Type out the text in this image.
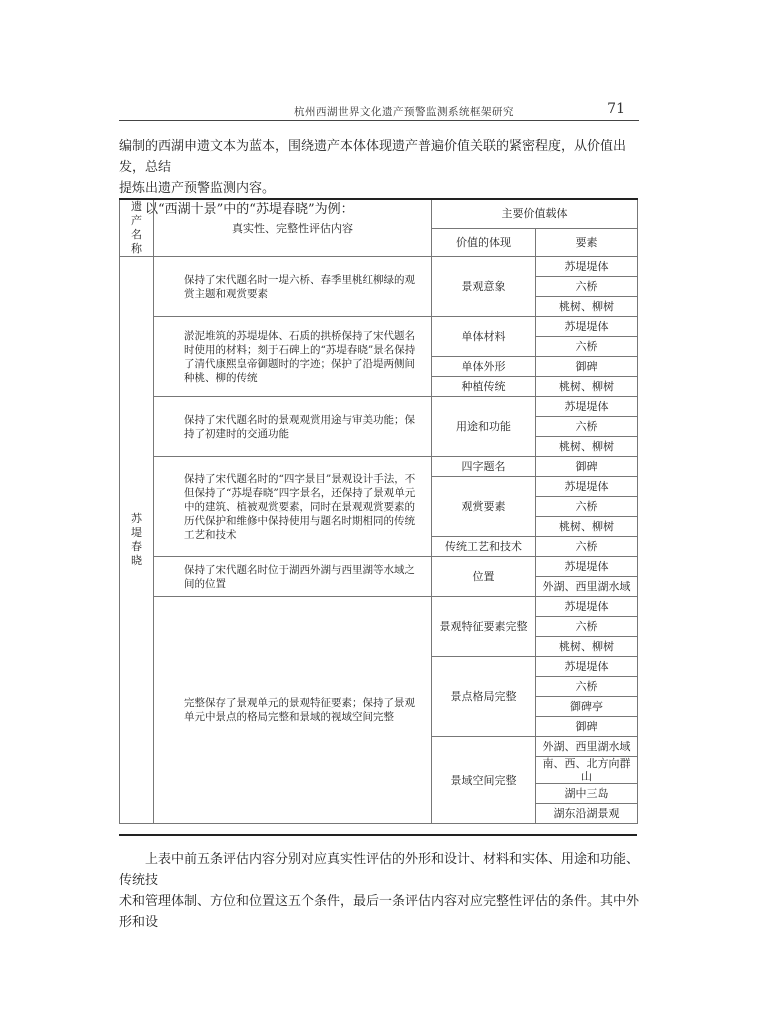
杭州西湖世界文化遗产预警监测系统框架研究	71

编制的西湖申遗文本为蓝本，围绕遗产本体体现遗产普遍价值关联的紧密程度，从价值出发，总结

提炼出遗产预警监测内容。

以“西湖十景”中的“苏堤春晓”为例：

遗产名称	真实性、完整性评估内容	主要价值载体	
		价值的体现	要素
苏堤春晓	保持了宋代题名时一堤六桥、春季里桃红柳绿的观赏主题和观赏要素	景观意象	苏堤堤体
			六桥
			桃树、柳树
	淤泥堆筑的苏堤堤体、石质的拱桥保持了宋代题名时使用的材料；刻于石碑上的“苏堤春晓”景名保持了清代康熙皇帝御题时的字迹；保护了沿堤两侧间种桃、柳的传统	单体材料	苏堤堤体
			六桥
		单体外形	御碑
		种植传统	桃树、柳树
	保持了宋代题名时的景观观赏用途与审美功能；保持了初建时的交通功能	用途和功能	苏堤堤体
			六桥
			桃树、柳树
	保持了宋代题名时的“四字景目”景观设计手法，不但保持了“苏堤春晓”四字景名，还保持了景观单元中的建筑、植被观赏要素，同时在景观观赏要素的历代保护和维修中保持使用与题名时期相同的传统工艺和技术	四字题名	御碑
		观赏要素	苏堤堤体
			六桥
			桃树、柳树
		传统工艺和技术	六桥
	保持了宋代题名时位于湖西外湖与西里湖等水域之间的位置	位置	苏堤堤体
			外湖、西里湖水域
	完整保存了景观单元的景观特征要素；保持了景观单元中景点的格局完整和景域的视域空间完整	景观特征要素完整	苏堤堤体
			六桥
			桃树、柳树
		景点格局完整	苏堤堤体
			六桥
			御碑亭
			御碑
		景域空间完整	外湖、西里湖水域
			南、西、北方向群山
			湖中三岛
			湖东沿湖景观

上表中前五条评估内容分别对应真实性评估的外形和设计、材料和实体、用途和功能、传统技

术和管理体制、方位和位置这五个条件，最后一条评估内容对应完整性评估的条件。其中外形和设
